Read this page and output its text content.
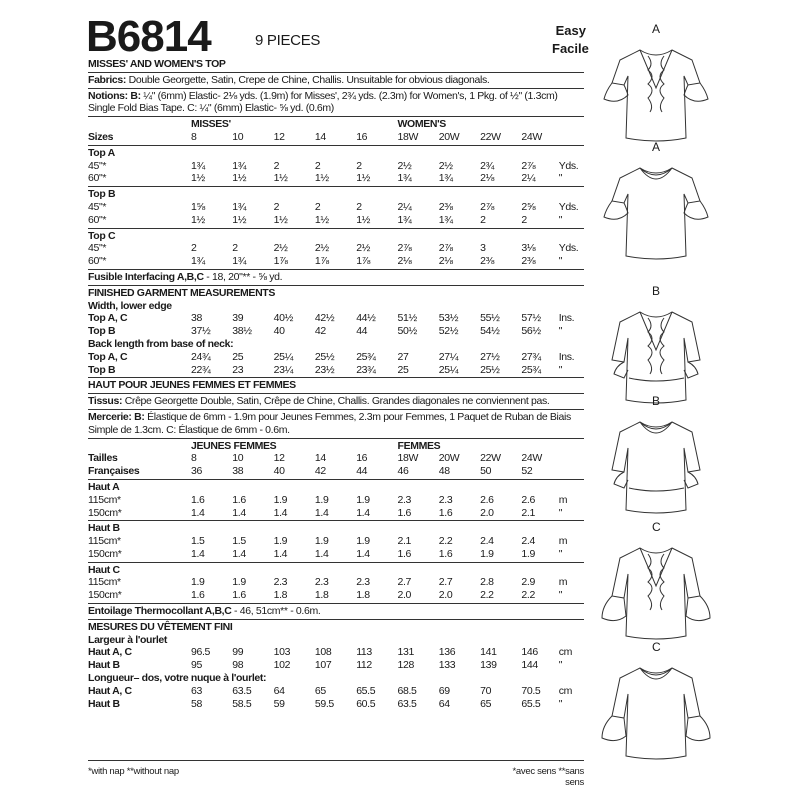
B6814	9 PIECES
Easy
Facile
MISSES' AND WOMEN'S TOP
Fabrics: Double Georgette, Satin, Crepe de Chine, Challis. Unsuitable for obvious diagonals.
Notions: B: ¼" (6mm) Elastic- 2⅛ yds. (1.9m) for Misses', 2¾ yds. (2.3m) for Women's, 1 Pkg. of ½" (1.3cm) Single Fold Bias Tape. C: ¼" (6mm) Elastic- ⅝ yd. (0.6m)
MISSES'	WOMEN'S
Sizes	8	10	12	14	16	18W 20W 22W 24W
Top A
45"*	1¾	1¾	2	2	2	2½	2½	2¾	2⅞ Yds.
60"*	1½	1½	1½	1½	1½	1¾	1¾	2⅛	2¼ "
Top B
45"*	1⅝	1¾	2	2	2	2¼	2⅜	2⅞	2⅝ Yds.
60"*	1½	1½	1½	1½	1½	1¾	1¾	2	2	"
Top C
45"*	2	2	2½	2½	2½	2⅞	2⅞	3	3⅛ Yds.
60"*	1¾	1¾	1⅞	1⅞	1⅞	2⅛	2⅛	2⅜	2⅜ "
Fusible Interfacing A,B,C - 18, 20"** - ⅝ yd.
FINISHED GARMENT MEASUREMENTS
Width, lower edge
Top A, C	38	39	40½ 42½ 44½ 51½ 53½ 55½ 57½ Ins.
Top B	37½ 38½ 40	42	44	50½ 52½ 54½ 56½ "
Back length from base of neck:
Top A, C	24¾ 25	25¼ 25½ 25¾ 27	27¼ 27½ 27¾ Ins.
Top B	22¾ 23	23¼ 23½ 23¾ 25	25¼ 25½ 25¾ "
HAUT POUR JEUNES FEMMES ET FEMMES
Tissus: Crêpe Georgette Double, Satin, Crêpe de Chine, Challis. Grandes diagonales ne conviennent pas.
Mercerie: B: Élastique de 6mm - 1.9m pour Jeunes Femmes, 2.3m pour Femmes, 1 Paquet de Ruban de Biais Simple de 1.3cm. C: Élastique de 6mm - 0.6m.
JEUNES FEMMES	FEMMES
Tailles	8	10	12	14	16	18W 20W 22W 24W
Françaises	36	38	40	42	44	46	48	50	52
Haut A
115cm*	1.6	1.6	1.9	1.9	1.9	2.3	2.3	2.6	2.6 m
150cm*	1.4	1.4	1.4	1.4	1.4	1.6	1.6	2.0	2.1 "
Haut B
115cm*	1.5	1.5	1.9	1.9	1.9	2.1	2.2	2.4	2.4 m
150cm*	1.4	1.4	1.4	1.4	1.4	1.6	1.6	1.9	1.9 "
Haut C
115cm*	1.9	1.9	2.3	2.3	2.3	2.7	2.7	2.8	2.9 m
150cm*	1.6	1.6	1.8	1.8	1.8	2.0	2.0	2.2	2.2 "
Entoilage Thermocollant A,B,C - 46, 51cm** - 0.6m.
MESURES DU VÊTEMENT FINI
Largeur à l'ourlet
Haut A, C	96.5 99	103 108 113 131 136 141 146 cm
Haut B	95	98	102 107 112 128 133 139 144 "
Longueur– dos, votre nuque à l'ourlet:
Haut A, C	63	63.5 64	65	65.5 68.5 69	70	70.5 cm
Haut B	58	58.5 59	59.5 60.5 63.5 64	65	65.5 "
*with nap **without nap	*avec sens **sans sens
A
A
B
B
C
C
